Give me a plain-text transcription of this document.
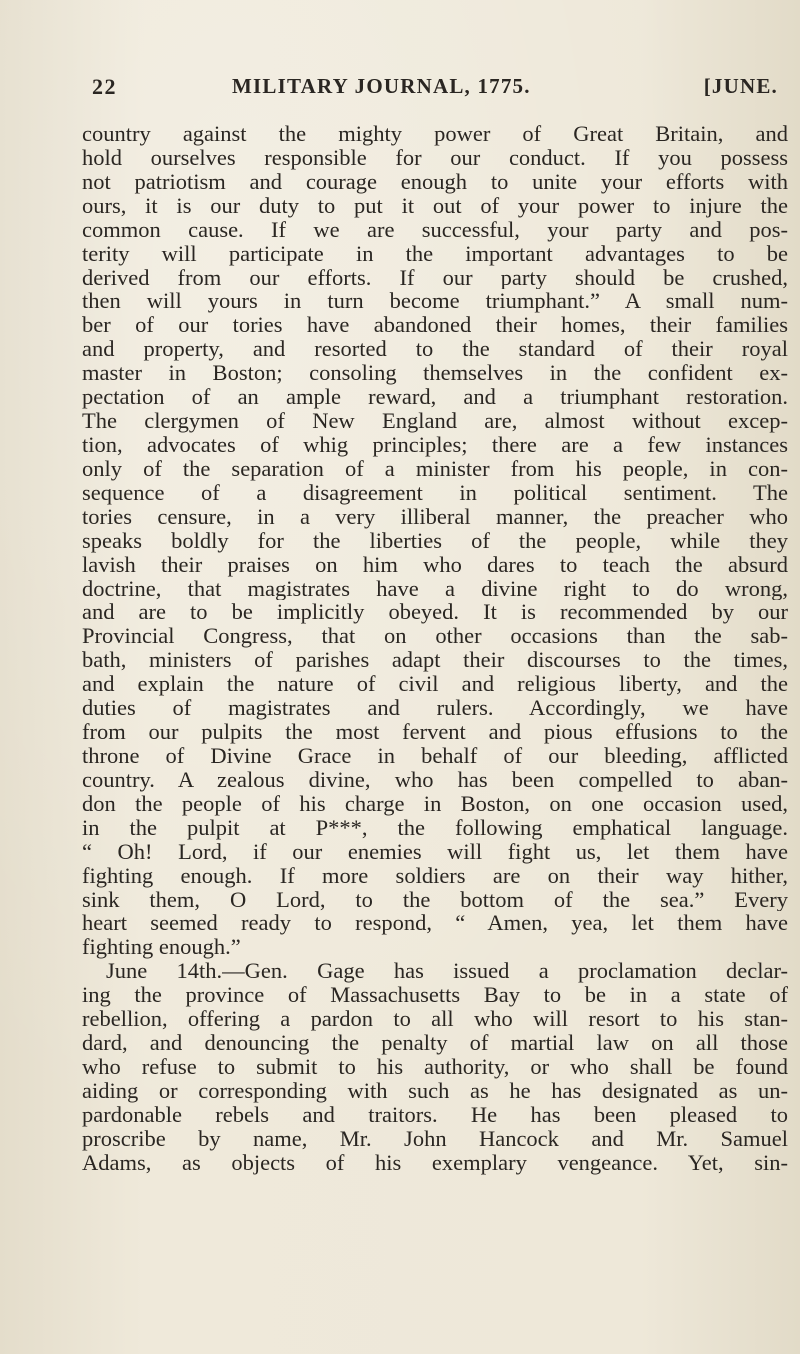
22	MILITARY JOURNAL, 1775.	[JUNE.
country against the mighty power of Great Britain, and
hold ourselves responsible for our conduct. If you possess
not patriotism and courage enough to unite your efforts with
ours, it is our duty to put it out of your power to injure the
common cause. If we are successful, your party and pos-
terity will participate in the important advantages to be
derived from our efforts. If our party should be crushed,
then will yours in turn become triumphant.” A small num-
ber of our tories have abandoned their homes, their families
and property, and resorted to the standard of their royal
master in Boston; consoling themselves in the confident ex-
pectation of an ample reward, and a triumphant restoration.
The clergymen of New England are, almost without excep-
tion, advocates of whig principles; there are a few instances
only of the separation of a minister from his people, in con-
sequence of a disagreement in political sentiment. The
tories censure, in a very illiberal manner, the preacher who
speaks boldly for the liberties of the people, while they
lavish their praises on him who dares to teach the absurd
doctrine, that magistrates have a divine right to do wrong,
and are to be implicitly obeyed. It is recommended by our
Provincial Congress, that on other occasions than the sab-
bath, ministers of parishes adapt their discourses to the times,
and explain the nature of civil and religious liberty, and the
duties of magistrates and rulers. Accordingly, we have
from our pulpits the most fervent and pious effusions to the
throne of Divine Grace in behalf of our bleeding, afflicted
country. A zealous divine, who has been compelled to aban-
don the people of his charge in Boston, on one occasion used,
in the pulpit at P***, the following emphatical language.
“ Oh! Lord, if our enemies will fight us, let them have
fighting enough. If more soldiers are on their way hither,
sink them, O Lord, to the bottom of the sea.” Every
heart seemed ready to respond, “ Amen, yea, let them have
fighting enough.”
June 14th.—Gen. Gage has issued a proclamation declar-
ing the province of Massachusetts Bay to be in a state of
rebellion, offering a pardon to all who will resort to his stan-
dard, and denouncing the penalty of martial law on all those
who refuse to submit to his authority, or who shall be found
aiding or corresponding with such as he has designated as un-
pardonable rebels and traitors. He has been pleased to
proscribe by name, Mr. John Hancock and Mr. Samuel
Adams, as objects of his exemplary vengeance. Yet, sin-
